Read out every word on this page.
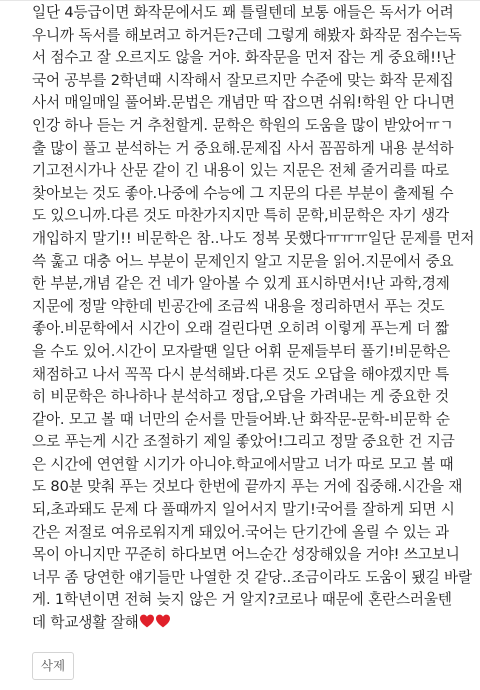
일단 4등급이면 화작문에서도 꽤 틀릴텐데 보통 애들은 독서가 어려
우니까 독서를 해보려고 하거든?근데 그렇게 해봤자 화작문 점수는독
서 점수고 잘 오르지도 않을 거야. 화작문을 먼저 잡는 게 중요해!!난
국어 공부를 2학년때 시작해서 잘모르지만 수준에 맞는 화작 문제집
사서 매일매일 풀어봐.문법은 개념만 딱 잡으면 쉬워!학원 안 다니면
인강 하나 듣는 거 추천할게. 문학은 학원의 도움을 많이 받았어ㅠㄱ
출 많이 풀고 분석하는 거 중요해.문제집 사서 꼼꼼하게 내용 분석하
기고전시가나 산문 같이 긴 내용이 있는 지문은 전체 줄거리를 따로
찾아보는 것도 좋아.나중에 수능에 그 지문의 다른 부분이 출제될 수
도 있으니까.다른 것도 마찬가지지만 특히 문학,비문학은 자기 생각
개입하지 말기!! 비문학은 참..나도 정복 못했다ㅠㅠㅠ일단 문제를 먼저
쓱 훑고 대충 어느 부분이 문제인지 알고 지문을 읽어.지문에서 중요
한 부분,개념 같은 건 네가 알아볼 수 있게 표시하면서!난 과학,경제
지문에 정말 약한데 빈공간에 조금씩 내용을 정리하면서 푸는 것도
좋아.비문학에서 시간이 오래 걸린다면 오히려 이렇게 푸는게 더 짧
을 수도 있어.시간이 모자랄땐 일단 어휘 문제들부터 풀기!비문학은
채점하고 나서 꼭꼭 다시 분석해봐.다른 것도 오답을 해야겠지만 특
히 비문학은 하나하나 분석하고 정답,오답을 가려내는 게 중요한 것
같아. 모고 볼 때 너만의 순서를 만들어봐.난 화작문-문학-비문학 순
으로 푸는게 시간 조절하기 제일 좋았어!그리고 정말 중요한 건 지금
은 시간에 연연할 시기가 아니야.학교에서말고 너가 따로 모고 볼 때
도 80분 맞춰 푸는 것보다 한번에 끝까지 푸는 거에 집중해.시간을 재
되,초과돼도 문제 다 풀때까지 일어서지 말기!국어를 잘하게 되면 시
간은 저절로 여유로워지게 돼있어.국어는 단기간에 올릴 수 있는 과
목이 아니지만 꾸준히 하다보면 어느순간 성장해있을 거야! 쓰고보니
너무 좀 당연한 얘기들만 나열한 것 같당..조금이라도 도움이 됐길 바랄
게. 1학년이면 전혀 늦지 않은 거 알지?코로나 때문에 혼란스러울텐
데 학교생활 잘해
삭제
